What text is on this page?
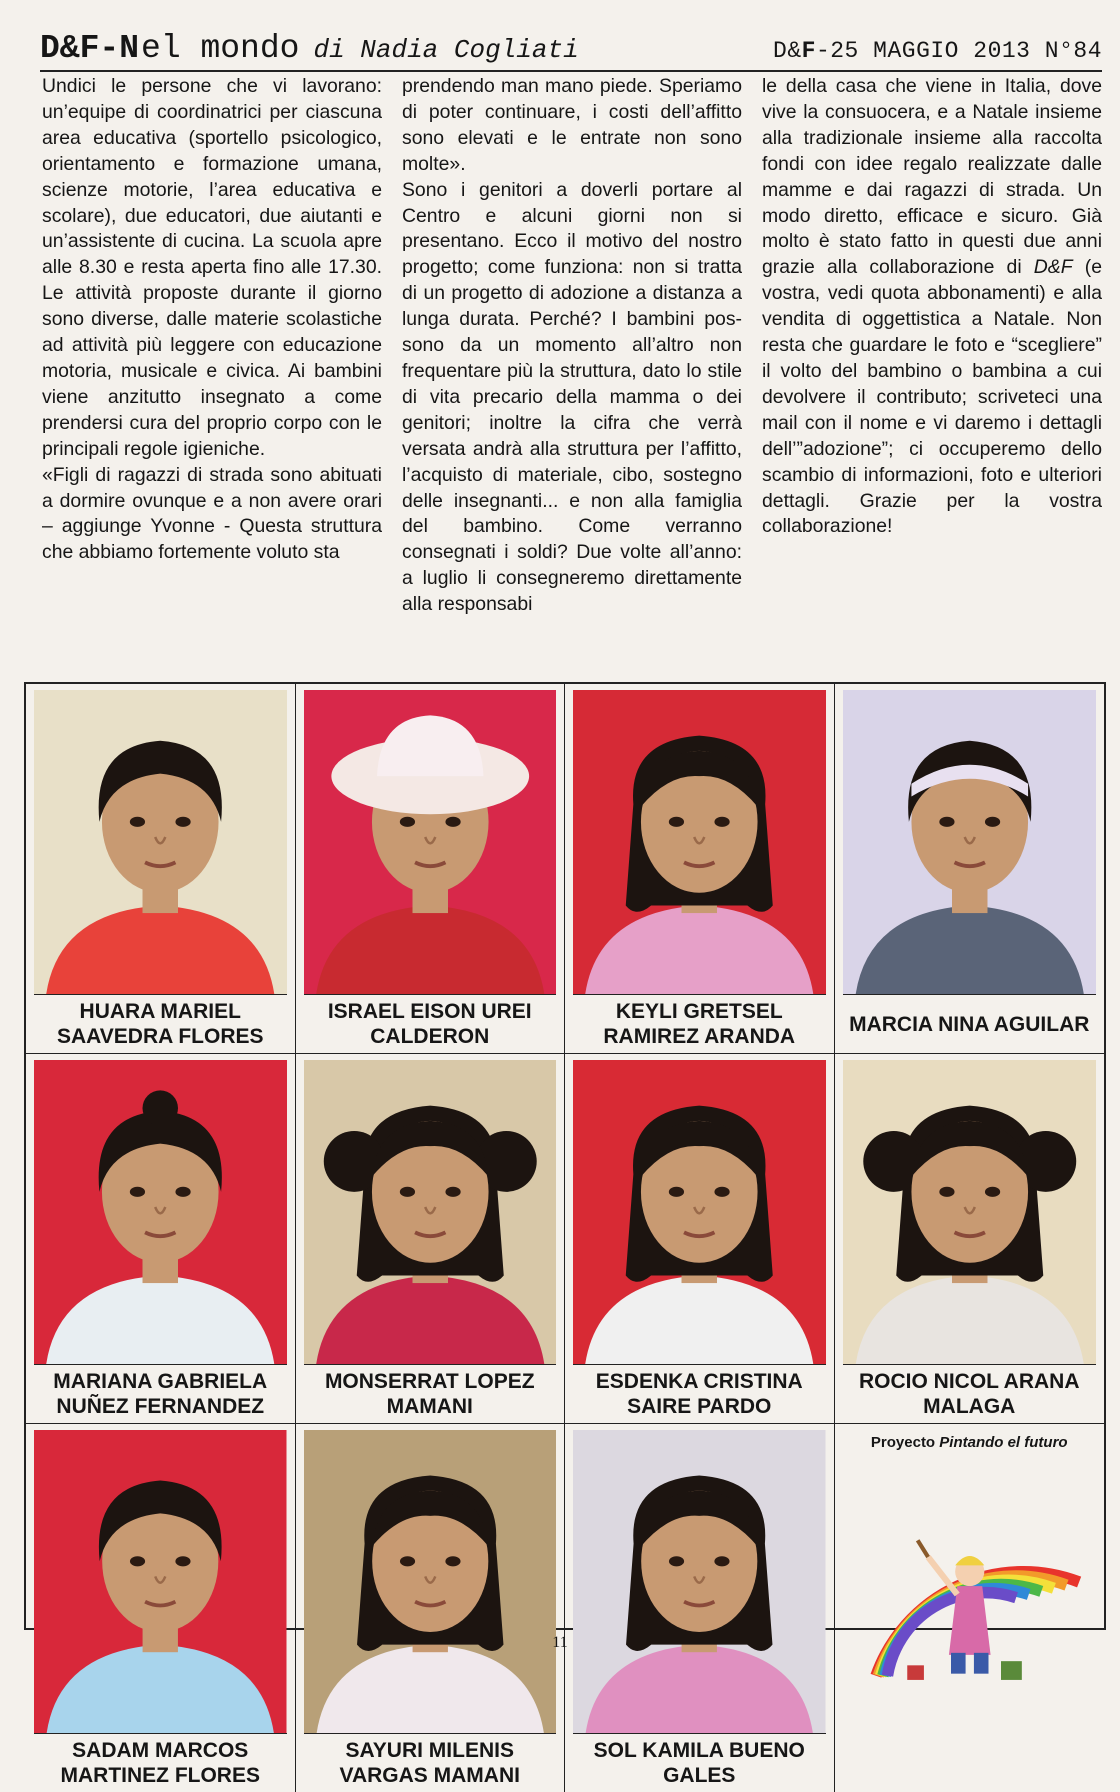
D&F-N el mondo di Nadia Cogliati	D&F-25 MAGGIO 2013 N°84

Undici le persone che vi lavorano: un’equipe di coordinatrici per ciascuna area educativa (sportello psicologico, orientamento e formazione umana, scienze motorie, l’area educativa e scolare), due educatori, due aiutanti e un’assistente di cucina. La scuola apre alle 8.30 e resta aperta fino alle 17.30. Le attività proposte durante il giorno sono diverse, dalle materie scolastiche ad attività più leggere con educazione motoria, musicale e civica. Ai bambini viene anzitutto insegnato a come prendersi cura del proprio corpo con le principali regole igieniche.

«Figli di ragazzi di strada sono abituati a dormire ovunque e a non avere orari – aggiunge Yvonne - Questa struttura che abbiamo fortemente voluto sta

prendendo man mano piede. Speriamo di poter continuare, i costi dell’affitto sono elevati e le entrate non sono molte».

Sono i genitori a doverli portare al Centro e alcuni giorni non si presentano. Ecco il motivo del nostro progetto; come funziona: non si tratta di un progetto di adozione a distanza a lunga durata. Perché? I bambini possono da un momento all’altro non frequentare più la struttura, dato lo stile di vita precario della mamma o dei genitori; inoltre la cifra che verrà versata andrà alla struttura per l’affitto, l’acquisto di materiale, cibo, sostegno delle insegnanti... e non alla famiglia del bambino. Come verranno consegnati i soldi? Due volte all’anno: a luglio li consegneremo direttamente alla responsabi

le della casa che viene in Italia, dove vive la consuocera, e a Natale insieme alla tradizionale insieme alla raccolta fondi con idee regalo realizzate dalle mamme e dai ragazzi di strada. Un modo diretto, efficace e sicuro. Già molto è stato fatto in questi due anni grazie alla collaborazione di D&F (e vostra, vedi quota abbonamenti) e alla vendita di oggettistica a Natale. Non resta che guardare le foto e “scegliere” il volto del bambino o bambina a cui devolvere il contributo; scriveteci una mail con il nome e vi daremo i dettagli dell’”adozione”; ci occuperemo dello scambio di informazioni, foto e ulteriori dettagli. Grazie per la vostra collaborazione!

HUARA MARIEL SAAVEDRA FLORES
ISRAEL EISON UREI CALDERON
KEYLI GRETSEL RAMIREZ ARANDA
MARCIA NINA AGUILAR
MARIANA GABRIELA NUÑEZ FERNANDEZ
MONSERRAT LOPEZ MAMANI
ESDENKA CRISTINA SAIRE PARDO
ROCIO NICOL ARANA MALAGA
SADAM MARCOS MARTINEZ FLORES
SAYURI MILENIS VARGAS MAMANI
SOL KAMILA BUENO GALES
Proyecto Pintando el futuro
11
